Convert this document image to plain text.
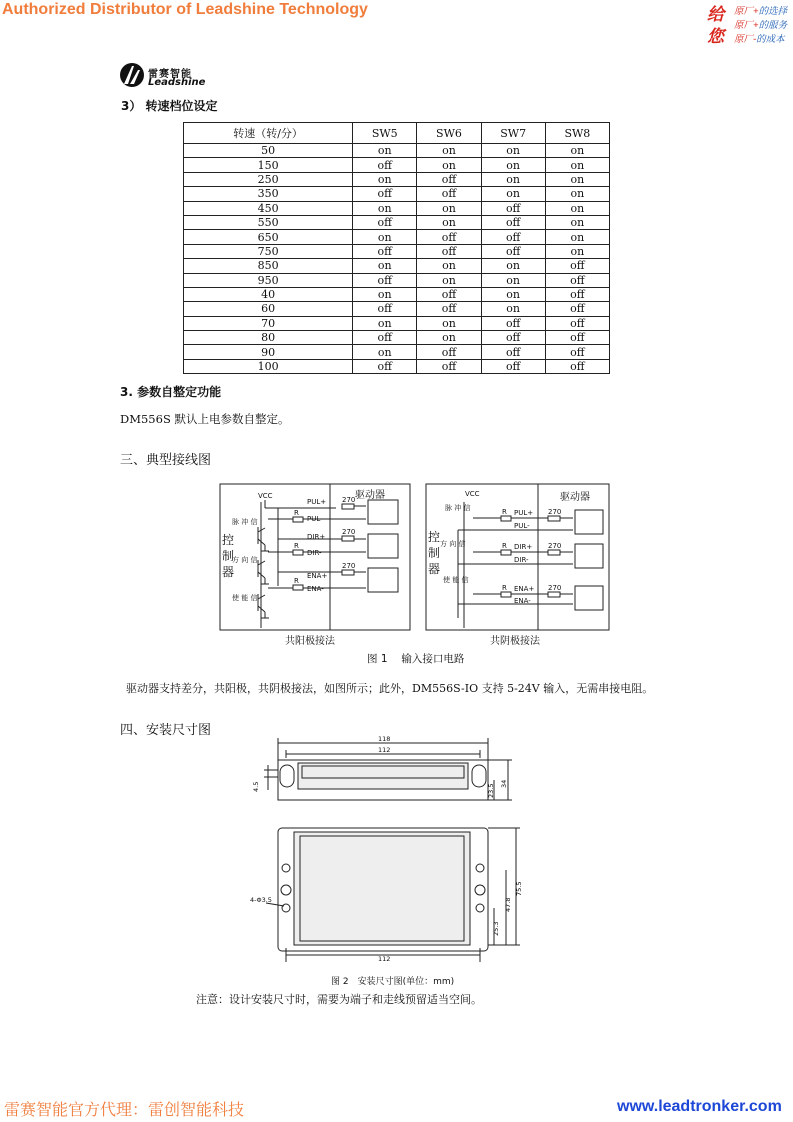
Authorized Distributor of Leadshine Technology	给
您
原厂+的选择
原厂+的服务
原厂-的成本
雷赛智能
Leadshine
3） 转速档位设定
转速（转/分）	SW5	SW6	SW7	SW8
50	on	on	on	on
150	off	on	on	on
250	on	off	on	on
350	off	off	on	on
450	on	on	off	on
550	off	on	off	on
650	on	off	off	on
750	off	off	off	on
850	on	on	on	off
950	off	on	on	off
40	on	off	on	off
60	off	off	on	off
70	on	on	off	off
80	off	on	off	off
90	on	off	off	off
100	off	off	off	off
3. 参数自整定功能
DM556S 默认上电参数自整定。
三、典型接线图
VCC
PUL+
PUL-
DIR+
DIR-
ENA+
ENA-
270
270
270
R
R
R
脉 冲 信
方 向 信
使 能 信
控
制
器
驱动器	VCC
PUL+
PUL-
DIR+
DIR-
ENA+
ENA-
270
270
270
R
R
R
脉 冲 信
方 向 信
使 能 信
控
制
器
驱动器
共阳极接法	共阴极接法
图 1　 输入接口电路
驱动器支持差分，共阳极，共阴极接法，如图所示；此外，DM556S-IO 支持 5-24V 输入，无需串接电阻。
四、安装尺寸图
118
112
4.5	23.5 34
4-Φ3.5
75.5
47.8
25.3
112
图 2　安装尺寸图(单位：mm)
注意：设计安装尺寸时，需要为端子和走线预留适当空间。
雷赛智能官方代理：雷创智能科技	www.leadtronker.com
